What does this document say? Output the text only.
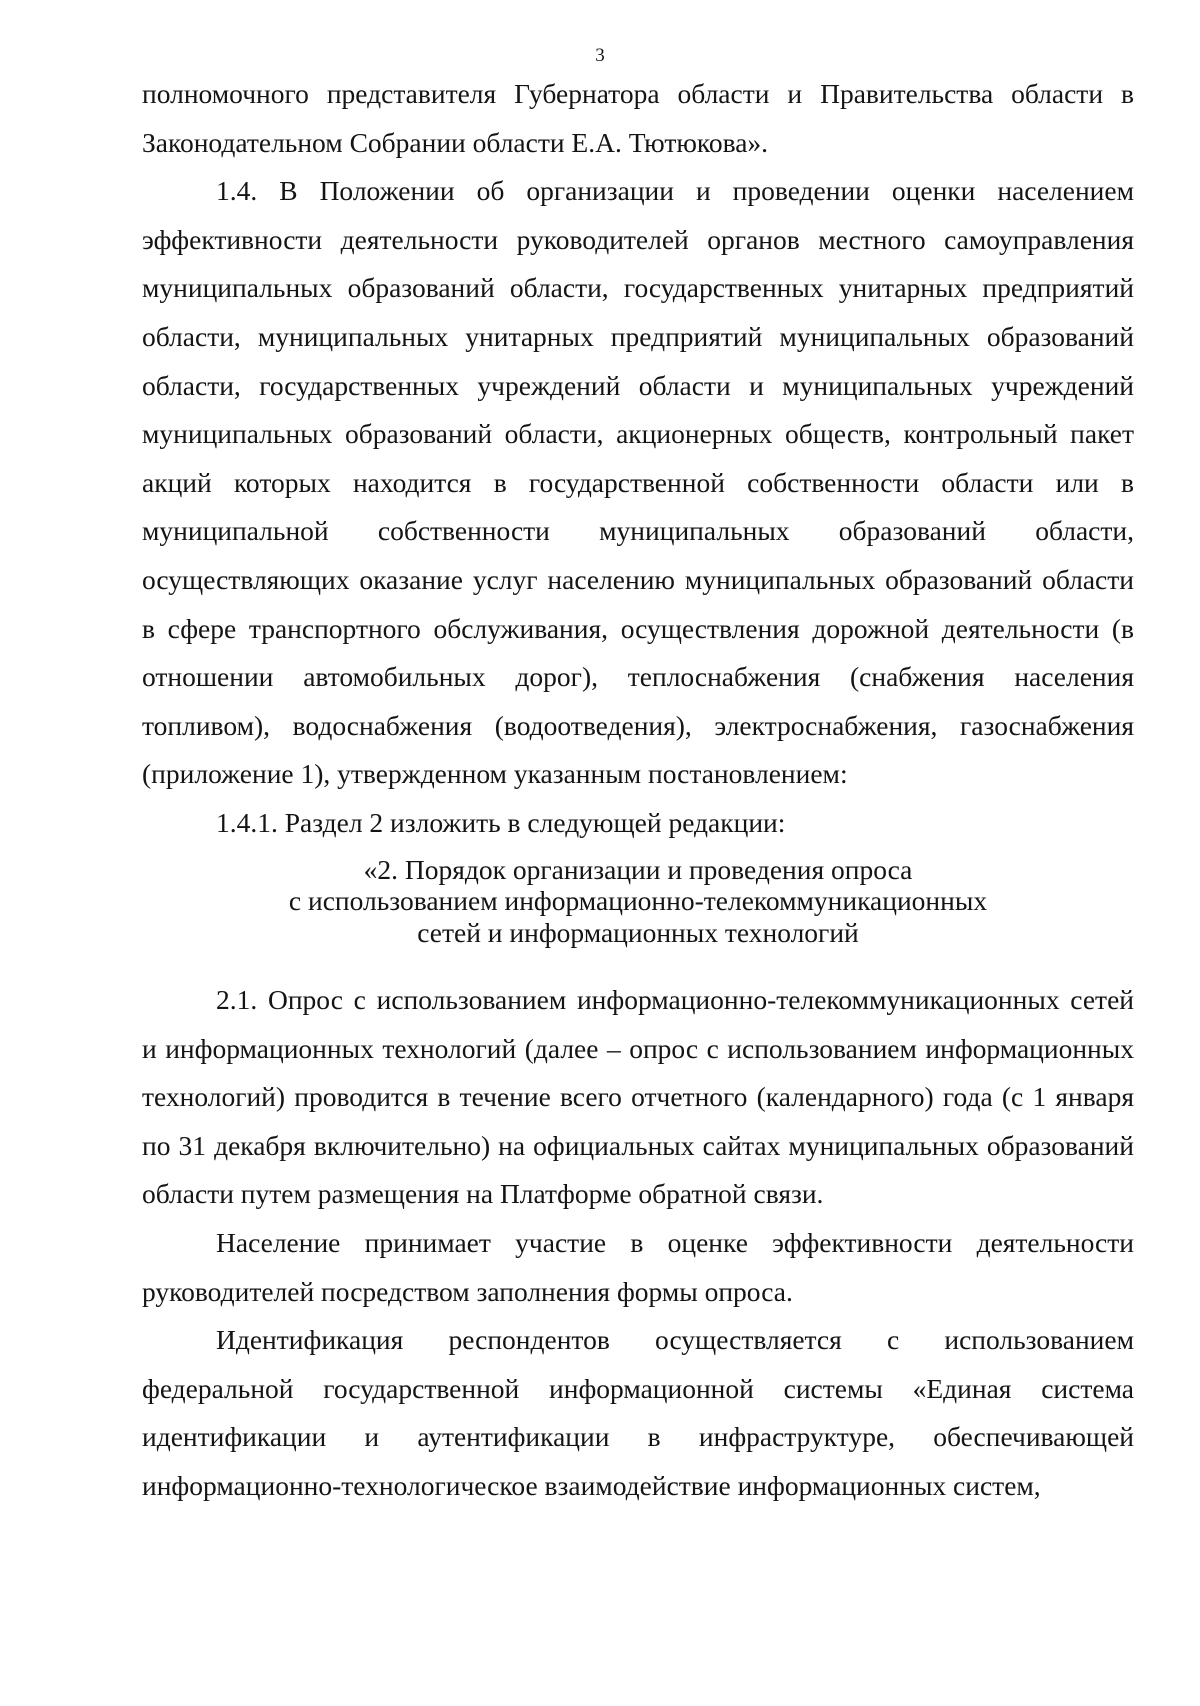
3

полномочного представителя Губернатора области и Правительства области в Законодательном Собрании области Е.А. Тютюкова».

1.4. В Положении об организации и проведении оценки населением эффективности деятельности руководителей органов местного самоуправления муниципальных образований области, государственных унитарных предприятий области, муниципальных унитарных предприятий муниципальных образований области, государственных учреждений области и муниципальных учреждений муниципальных образований области, акционерных обществ, контрольный пакет акций которых находится в государственной собственности области или в муниципальной собственности муниципальных образований области, осуществляющих оказание услуг населению муниципальных образований области в сфере транспортного обслуживания, осуществления дорожной деятельности (в отношении автомобильных дорог), теплоснабжения (снабжения населения топливом), водоснабжения (водоотведения), электроснабжения, газоснабжения (приложение 1), утвержденном указанным постановлением:

1.4.1. Раздел 2 изложить в следующей редакции:

«2. Порядок организации и проведения опроса
с использованием информационно-телекоммуникационных
сетей и информационных технологий

2.1. Опрос с использованием информационно-телекоммуникационных сетей и информационных технологий (далее – опрос с использованием информационных технологий) проводится в течение всего отчетного (календарного) года (с 1 января по 31 декабря включительно) на официальных сайтах муниципальных образований области путем размещения на Платформе обратной связи.

Население принимает участие в оценке эффективности деятельности руководителей посредством заполнения формы опроса.

Идентификация респондентов осуществляется с использованием федеральной государственной информационной системы «Единая система идентификации и аутентификации в инфраструктуре, обеспечивающей информационно-технологическое взаимодействие информационных систем,
